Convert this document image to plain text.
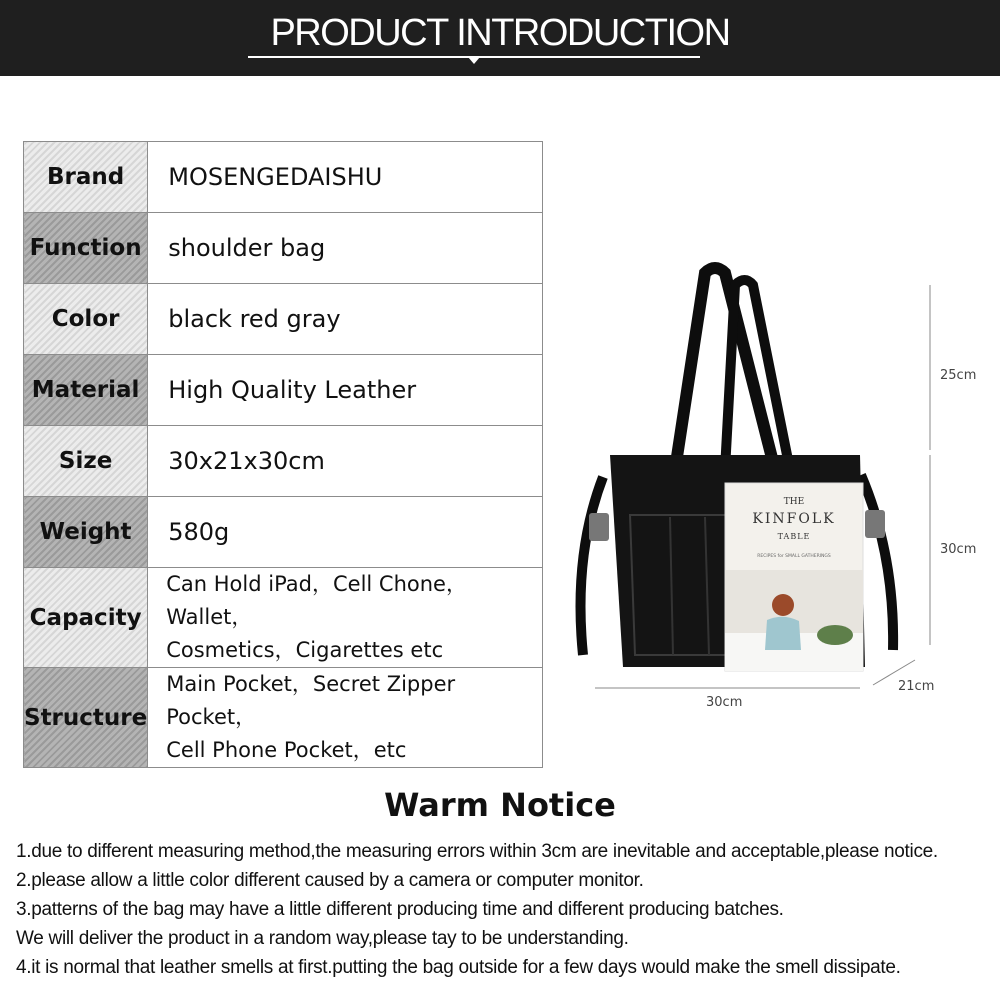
PRODUCT INTRODUCTION
Brand	MOSENGEDAISHU
Function	shoulder bag
Color	black red gray
Material	High Quality Leather
Size	30x21x30cm
Weight	580g
Capacity	Can Hold iPad，Cell Chone，Wallet，
Cosmetics，Cigarettes etc

Structure	Main Pocket，Secret Zipper Pocket，
Cell Phone Pocket，etc
THE
KINFOLK
TABLE
RECIPES for SMALL GATHERINGS
25cm
30cm
21cm
30cm
Warm Notice
1.due to different measuring method,the measuring errors within 3cm are inevitable and acceptable,please notice.
2.please allow a little color different caused by a camera or computer monitor.
3.patterns of the bag may have a little different producing time and different producing batches.
We will deliver the product in a random way,please tay to be understanding.
4.it is normal that leather smells at first.putting the bag outside for a few days would make the smell dissipate.
